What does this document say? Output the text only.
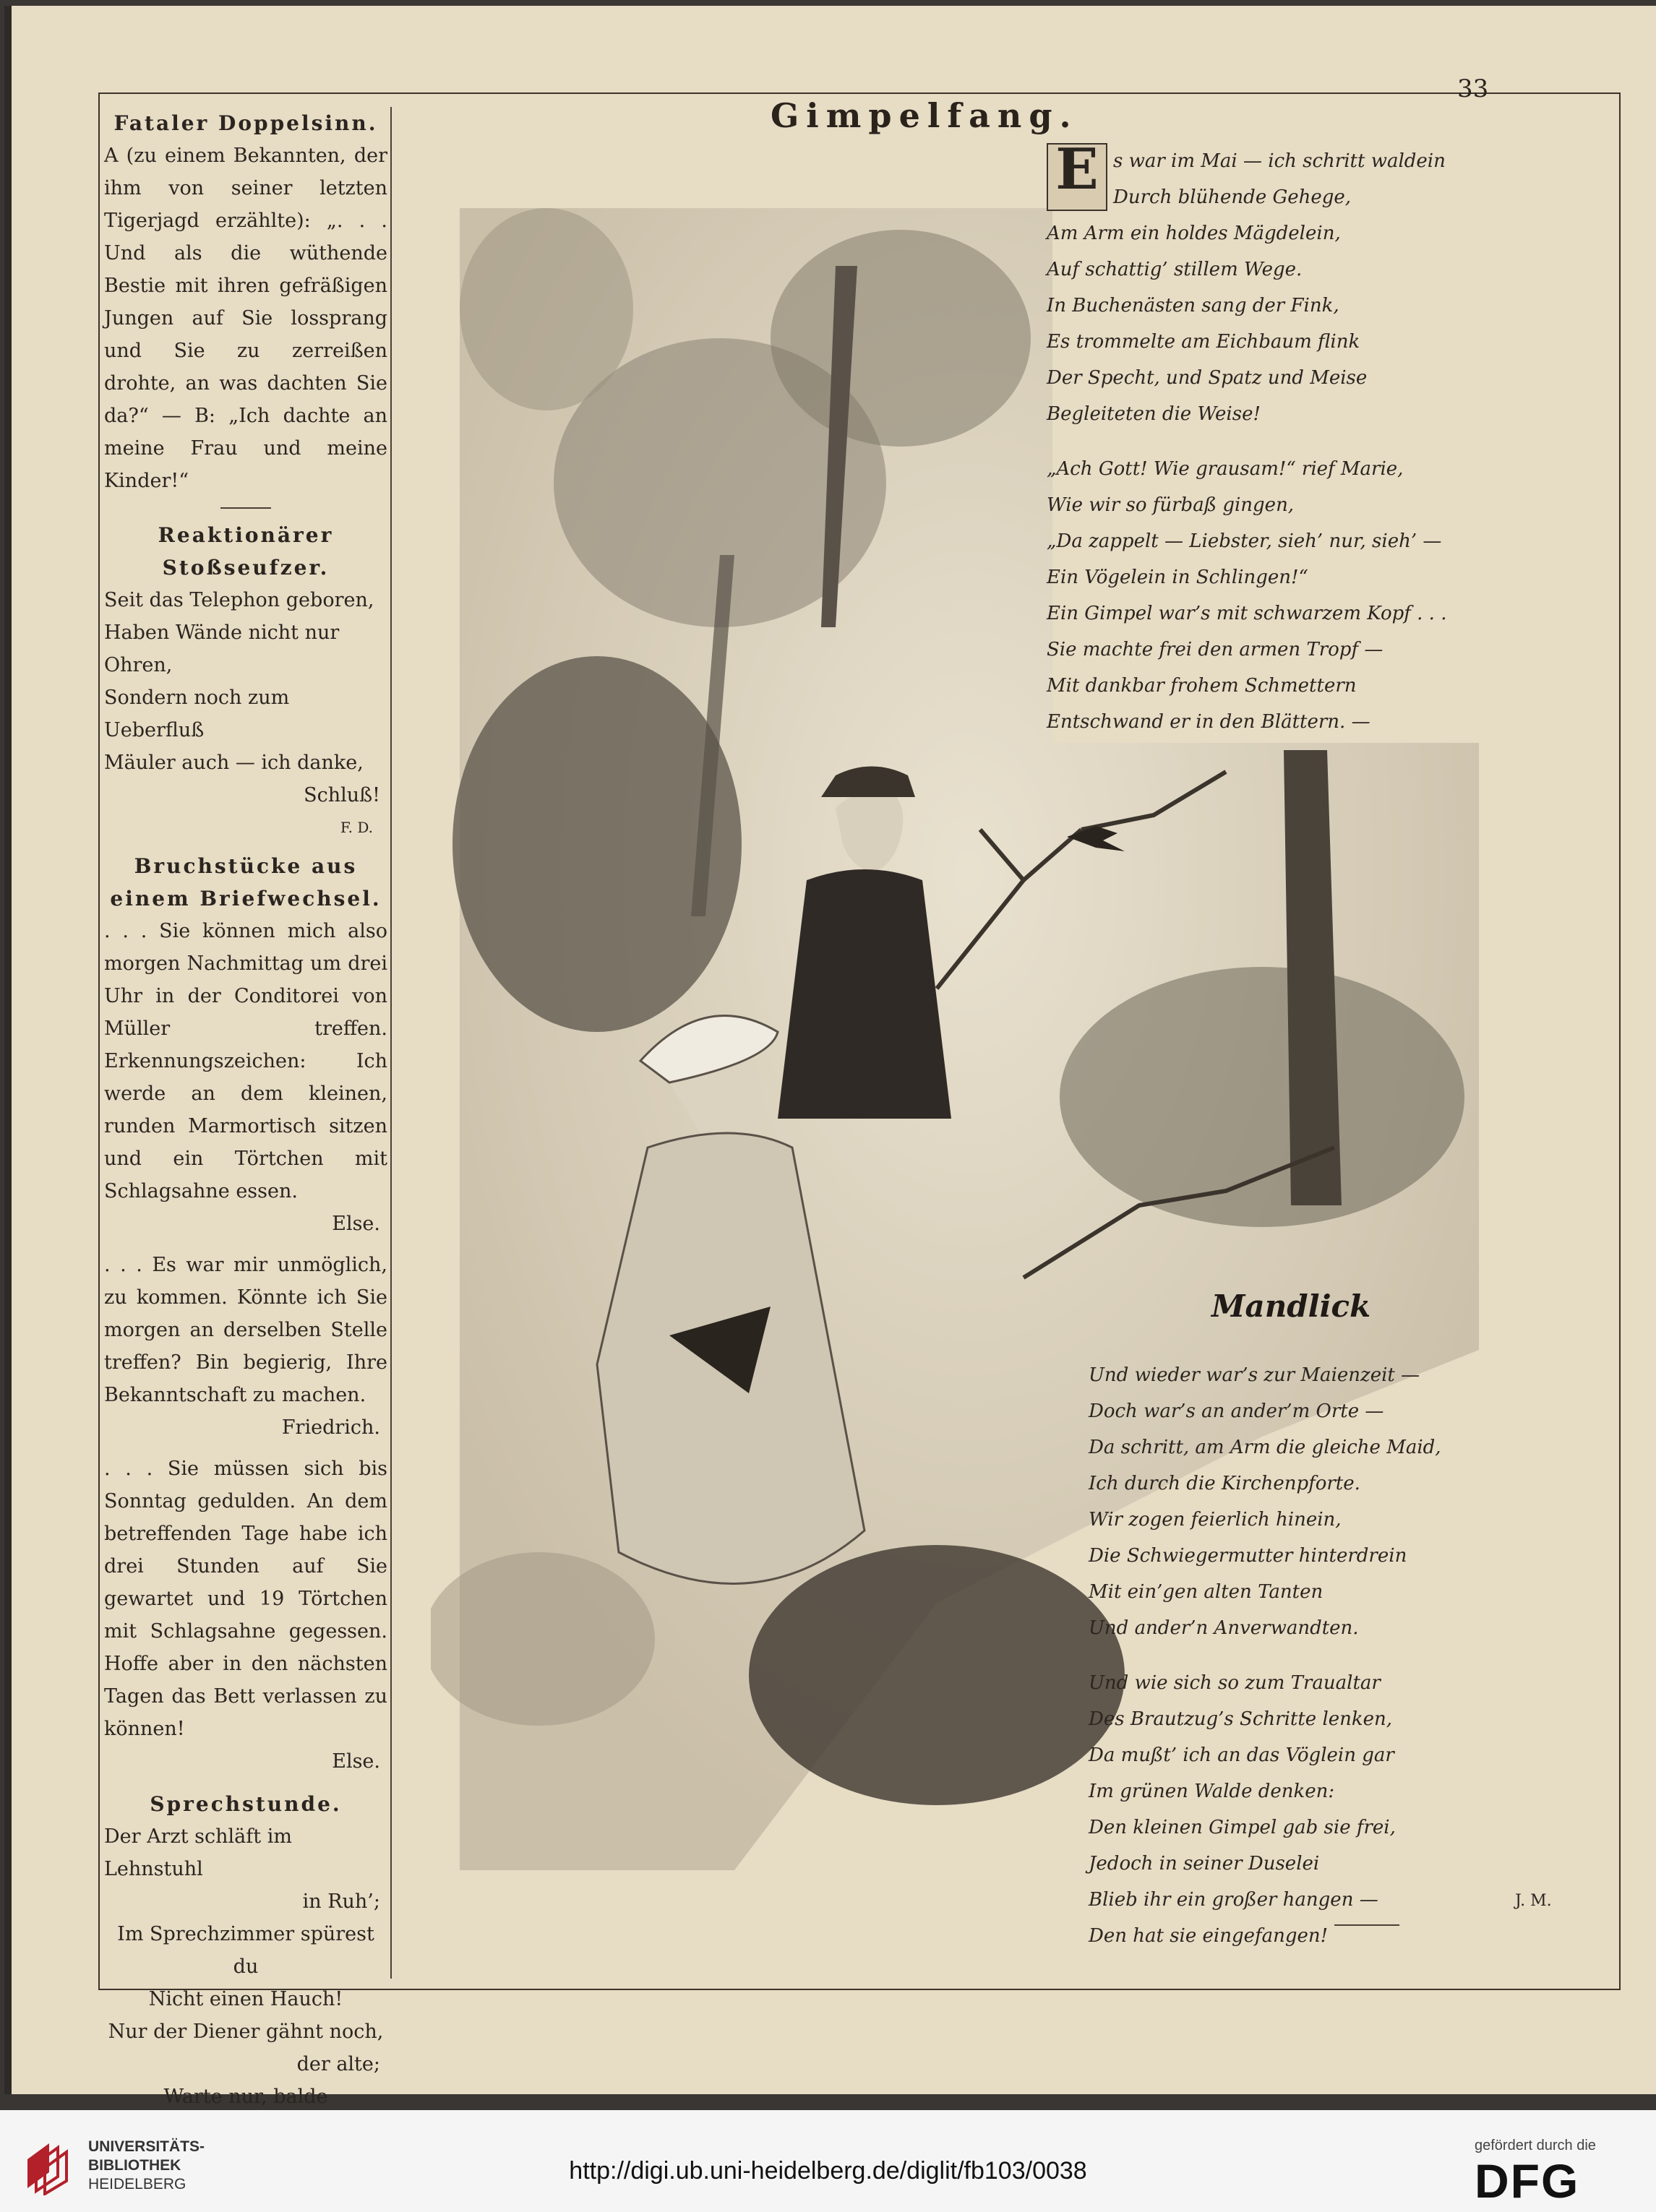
33
Fataler Doppelsinn.

A (zu einem Bekannten, der ihm von seiner letzten Tigerjagd erzählte): „. . . Und als die wüthende Bestie mit ihren gefräßigen Jungen auf Sie lossprang und Sie zu zerreißen drohte, an was dachten Sie da?“ — B: „Ich dachte an meine Frau und meine Kinder!“

Reaktionärer Stoßseufzer.

Seit das Telephon geboren,

Haben Wände nicht nur Ohren,

Sondern noch zum Ueberfluß

Mäuler auch — ich danke,

Schluß!

F. D.
Bruchstücke aus einem Briefwechsel.

. . . Sie können mich also morgen Nachmittag um drei Uhr in der Conditorei von Müller treffen. Erkennungszeichen: Ich werde an dem kleinen, runden Marmortisch sitzen und ein Törtchen mit Schlagsahne essen.

Else.

. . . Es war mir unmöglich, zu kommen. Könnte ich Sie morgen an derselben Stelle treffen? Bin begierig, Ihre Bekanntschaft zu machen.

Friedrich.

. . . Sie müssen sich bis Sonntag gedulden. An dem betreffenden Tage habe ich drei Stunden auf Sie gewartet und 19 Törtchen mit Schlagsahne gegessen. Hoffe aber in den nächsten Tagen das Bett verlassen zu können!

Else.

Sprechstunde.

Der Arzt schläft im Lehnstuhl

in Ruh’;

Im Sprechzimmer spürest du

Nicht einen Hauch!

Nur der Diener gähnt noch,

der alte;

Warte nur, balde

Mandlick
Gimpelfang.

E s war im Mai — ich schritt waldein

Durch blühende Gehege,

Am Arm ein holdes Mägdelein,

Auf schattig’ stillem Wege.

In Buchenästen sang der Fink,

Es trommelte am Eichbaum flink

Der Specht, und Spatz und Meise

Begleiteten die Weise!

„Ach Gott! Wie grausam!“ rief Marie,

Wie wir so fürbaß gingen,

„Da zappelt — Liebster, sieh’ nur, sieh’ —

Ein Vögelein in Schlingen!“

Ein Gimpel war’s mit schwarzem Kopf . . .

Sie machte frei den armen Tropf —

Mit dankbar frohem Schmettern

Entschwand er in den Blättern. —

Und wieder war’s zur Maienzeit —

Doch war’s an ander’m Orte —

Da schritt, am Arm die gleiche Maid,

Ich durch die Kirchenpforte.

Wir zogen feierlich hinein,

Die Schwiegermutter hinterdrein

Mit ein’gen alten Tanten

Und ander’n Anverwandten.

Und wie sich so zum Traualtar

Des Brautzug’s Schritte lenken,

Da mußt’ ich an das Vöglein gar

Im grünen Walde denken:

Den kleinen Gimpel gab sie frei,

Jedoch in seiner Duselei

Blieb ihr ein großer hangen —

Den hat sie eingefangen!

J. M.
UNIVERSITÄTS-
BIBLIOTHEK
HEIDELBERG	http://digi.ub.uni-heidelberg.de/diglit/fb103/0038
gefördert durch die
DFG
